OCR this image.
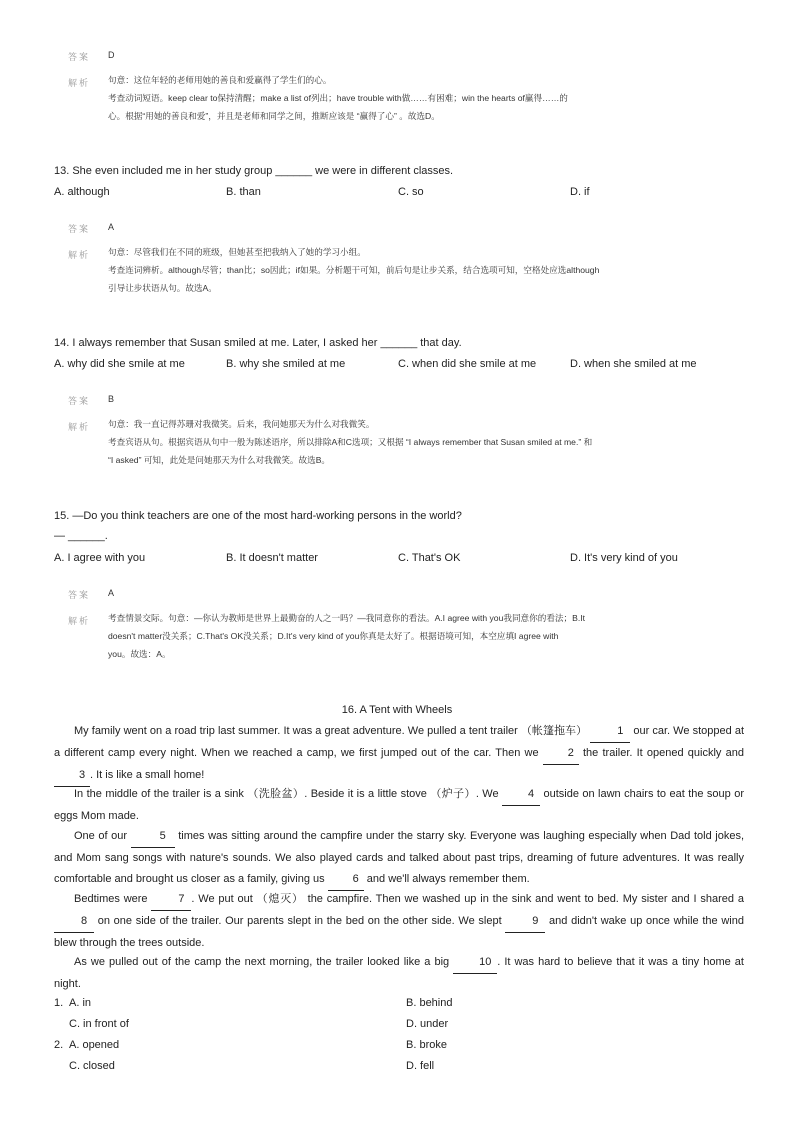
答案 D
解析 句意：这位年轻的老师用她的善良和爱赢得了学生们的心。
考查动词短语。keep clear to保持清醒；make a list of列出；have trouble with做……有困难；win the hearts of赢得……的
心。根据“用她的善良和爱”，并且是老师和同学之间，推断应该是 “赢得了心” 。故选D。
13. She even included me in her study group ______ we were in different classes.
A. although	B. than	C. so	D. if
答案 A
解析 句意：尽管我们在不同的班级，但她甚至把我纳入了她的学习小组。
考查连词辨析。although尽管；than比；so因此；if如果。分析题干可知，前后句是让步关系，结合选项可知，空格处应选although
引导让步状语从句。故选A。
14. I always remember that Susan smiled at me. Later, I asked her ______ that day.
A. why did she smile at me	B. why she smiled at me	C. when did she smile at me	D. when she smiled at me
答案 B
解析 句意：我一直记得苏珊对我微笑。后来，我问她那天为什么对我微笑。
考查宾语从句。根据宾语从句中一般为陈述语序，所以排除A和C选项；又根据 “I always remember that Susan smiled at me.” 和
“I asked” 可知，此处是问她那天为什么对我微笑。故选B。
15. —Do you think teachers are one of the most hard-working persons in the world?
— ______.
A. I agree with you	B. It doesn't matter	C. That's OK	D. It's very kind of you
答案 A
解析 考查情景交际。句意：—你认为教师是世界上最勤奋的人之一吗？—我同意你的看法。A.I agree with you我同意你的看法；B.It
doesn't matter没关系；C.That's OK没关系；D.It's very kind of you你真是太好了。根据语境可知，本空应填I agree with
you。故选：A。
16. A Tent with Wheels
My family went on a road trip last summer. It was a great adventure. We pulled a tent trailer （帐篷拖车）	1 our car. We stopped at a different camp every night. When we reached a camp, we first jumped out of the car. Then we	2 the trailer. It opened quickly and 3 . It is like a small home!
In the middle of the trailer is a sink （洗脸盆）. Beside it is a little stove （炉子）. We	4 outside on lawn chairs to eat the soup or eggs Mom made.
One of our	5 times was sitting around the campfire under the starry sky. Everyone was laughing especially when Dad told jokes, and Mom sang songs with nature's sounds. We also played cards and talked about past trips, dreaming of future adventures. It was really comfortable and brought us closer as a family, giving us	6 and we'll always remember them.
Bedtimes were	7 . We put out （熄灭） the campfire. Then we washed up in the sink and went to bed. My sister and I shared a 8 on one side of the trailer. Our parents slept in the bed on the other side. We slept	9 and didn't wake up once while the wind blew through the trees outside.
As we pulled out of the camp the next morning, the trailer looked like a big	10 . It was hard to believe that it was a tiny home at night.
1. A. in	B. behind
C. in front of	D. under
2. A. opened	B. broke
C. closed	D. fell
